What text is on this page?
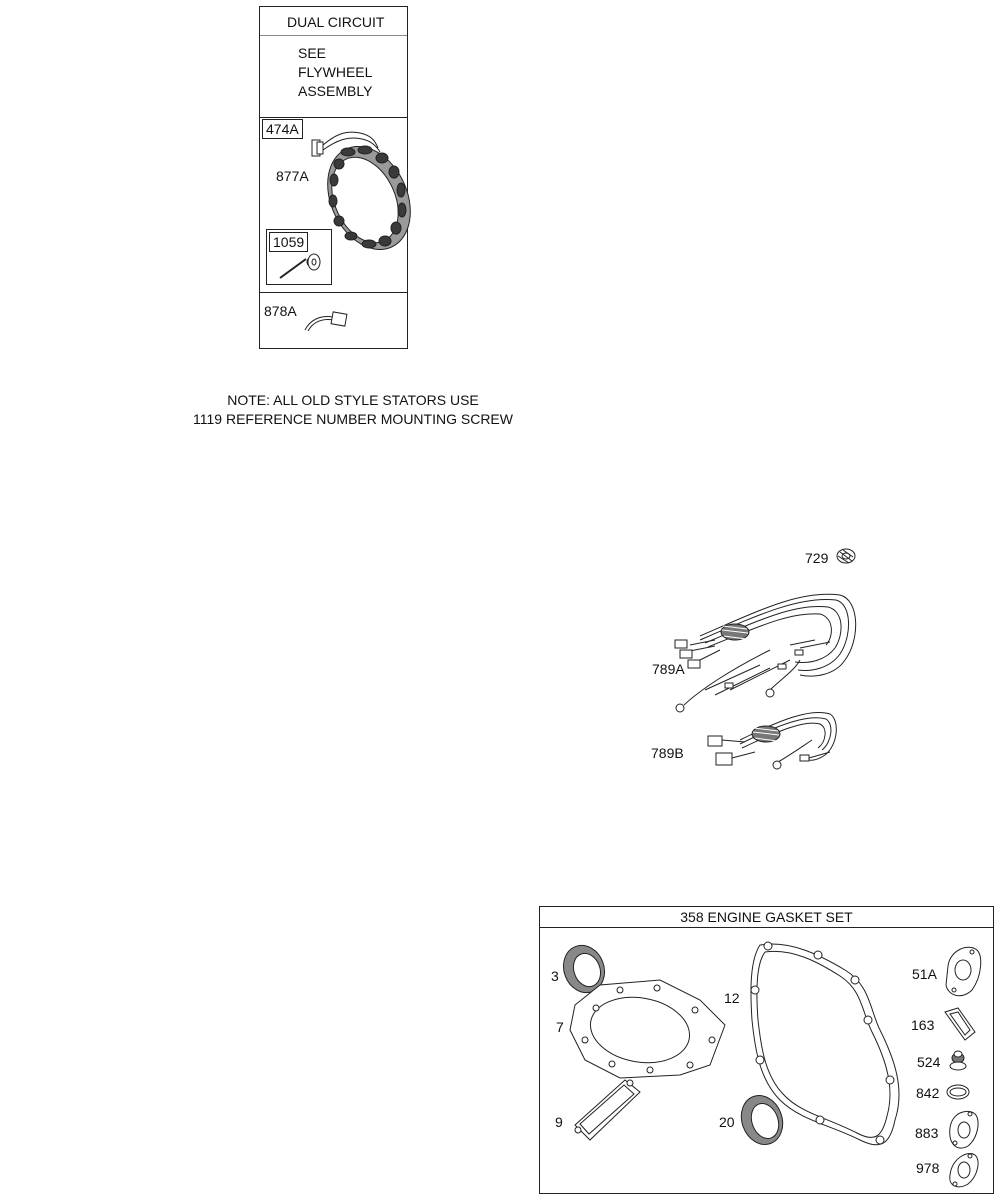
DUAL CIRCUIT
SEE
FLYWHEEL
ASSEMBLY
474A
877A
1059
878A
NOTE: ALL OLD STYLE STATORS USE
1119 REFERENCE NUMBER MOUNTING SCREW
729
789A
789B
358 ENGINE GASKET SET
3
7
9
12
20
51A
163
524
842
883
978
